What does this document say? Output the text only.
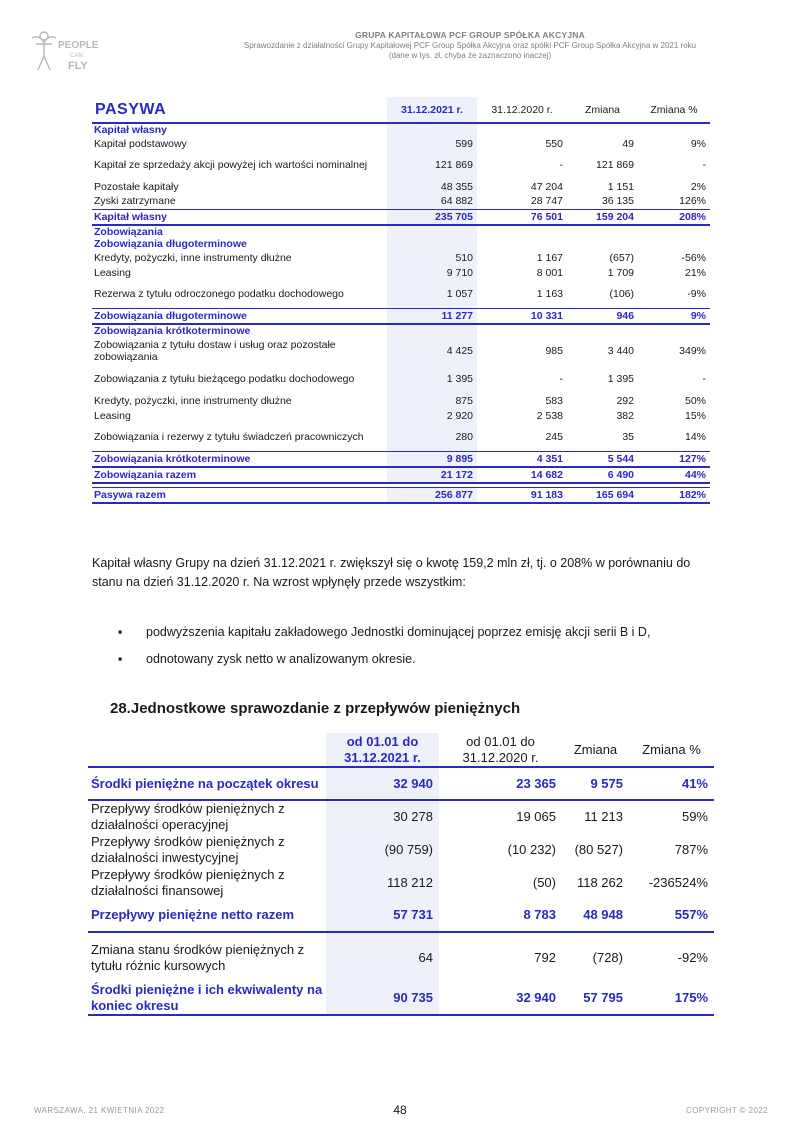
PEOPLE
CAN
FLY
GRUPA KAPITAŁOWA PCF GROUP SPÓŁKA AKCYJNA
Sprawozdanie z działalności Grupy Kapitałowej PCF Group Spółka Akcyjna oraz spółki PCF Group Spółka Akcyjna w 2021 roku
(dane w tys. zł, chyba że zaznaczono inaczej)
PASYWA	31.12.2021 r.	31.12.2020 r.	Zmiana	Zmiana %
Kapitał własny				
Kapitał podstawowy	599	550	49	9%
Kapitał ze sprzedaży akcji powyżej ich wartości nominalnej	121 869	-	121 869	-
Pozostałe kapitały	48 355	47 204	1 151	2%
Zyski zatrzymane	64 882	28 747	36 135	126%
Kapitał własny	235 705	76 501	159 204	208%
Zobowiązania				
Zobowiązania długoterminowe				
Kredyty, pożyczki, inne instrumenty dłużne	510	1 167	(657)	-56%
Leasing	9 710	8 001	1 709	21%
Rezerwa z tytułu odroczonego podatku dochodowego	1 057	1 163	(106)	-9%
Zobowiązania długoterminowe	11 277	10 331	946	9%
Zobowiązania krótkoterminowe				
Zobowiązania z tytułu dostaw i usług oraz pozostałe zobowiązania	4 425	985	3 440	349%
Zobowiązania z tytułu bieżącego podatku dochodowego	1 395	-	1 395	-
Kredyty, pożyczki, inne instrumenty dłużne	875	583	292	50%
Leasing	2 920	2 538	382	15%
Zobowiązania i rezerwy z tytułu świadczeń pracowniczych	280	245	35	14%
Zobowiązania krótkoterminowe	9 895	4 351	5 544	127%
Zobowiązania razem	21 172	14 682	6 490	44%

Pasywa razem	256 877	91 183	165 694	182%
Kapitał własny Grupy na dzień 31.12.2021 r. zwiększył się o kwotę 159,2 mln zł, tj. o 208% w porównaniu do stanu na dzień 31.12.2020 r. Na wzrost wpłynęły przede wszystkim:
▪ podwyższenia kapitału zakładowego Jednostki dominującej poprzez emisję akcji serii B i D,
▪ odnotowany zysk netto w analizowanym okresie.
28.Jednostkowe sprawozdanie z przepływów pieniężnych
	od 01.01 do 31.12.2021 r.	od 01.01 do 31.12.2020 r.	Zmiana	Zmiana %
Środki pieniężne na początek okresu	32 940	23 365	9 575	41%
Przepływy środków pieniężnych z działalności operacyjnej	30 278	19 065	11 213	59%
Przepływy środków pieniężnych z działalności inwestycyjnej	(90 759)	(10 232)	(80 527)	787%
Przepływy środków pieniężnych z działalności finansowej	118 212	(50)	118 262	-236524%
Przepływy pieniężne netto razem	57 731	8 783	48 948	557%
Zmiana stanu środków pieniężnych z tytułu różnic kursowych	64	792	(728)	-92%
Środki pieniężne i ich ekwiwalenty na koniec okresu	90 735	32 940	57 795	175%
WARSZAWA, 21 KWIETNIA 2022	48	COPYRIGHT © 2022
